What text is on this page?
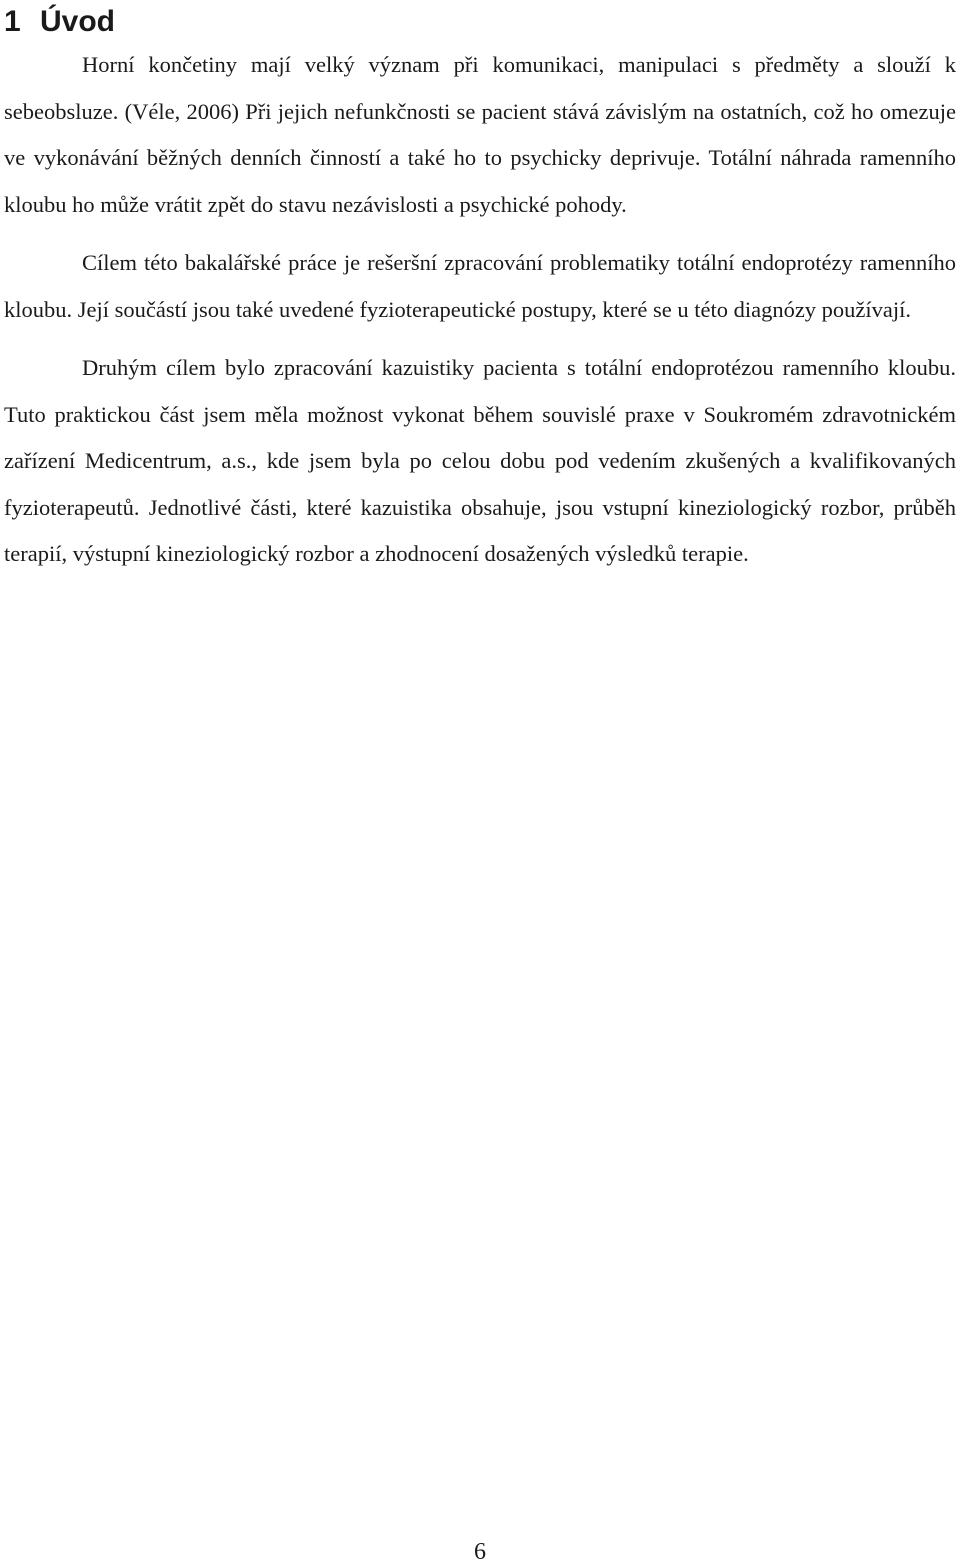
1 Úvod

Horní končetiny mají velký význam při komunikaci, manipulaci s předměty a slouží k sebeobsluze. (Véle, 2006) Při jejich nefunkčnosti se pacient stává závislým na ostatních, což ho omezuje ve vykonávání běžných denních činností a také ho to psychicky deprivuje. Totální náhrada ramenního kloubu ho může vrátit zpět do stavu nezávislosti a psychické pohody.

Cílem této bakalářské práce je rešeršní zpracování problematiky totální endoprotézy ramenního kloubu. Její součástí jsou také uvedené fyzioterapeutické postupy, které se u této diagnózy používají.

Druhým cílem bylo zpracování kazuistiky pacienta s totální endoprotézou ramenního kloubu. Tuto praktickou část jsem měla možnost vykonat během souvislé praxe v Soukromém zdravotnickém zařízení Medicentrum, a.s., kde jsem byla po celou dobu pod vedením zkušených a kvalifikovaných fyzioterapeutů. Jednotlivé části, které kazuistika obsahuje, jsou vstupní kineziologický rozbor, průběh terapií, výstupní kineziologický rozbor a zhodnocení dosažených výsledků terapie.

6
